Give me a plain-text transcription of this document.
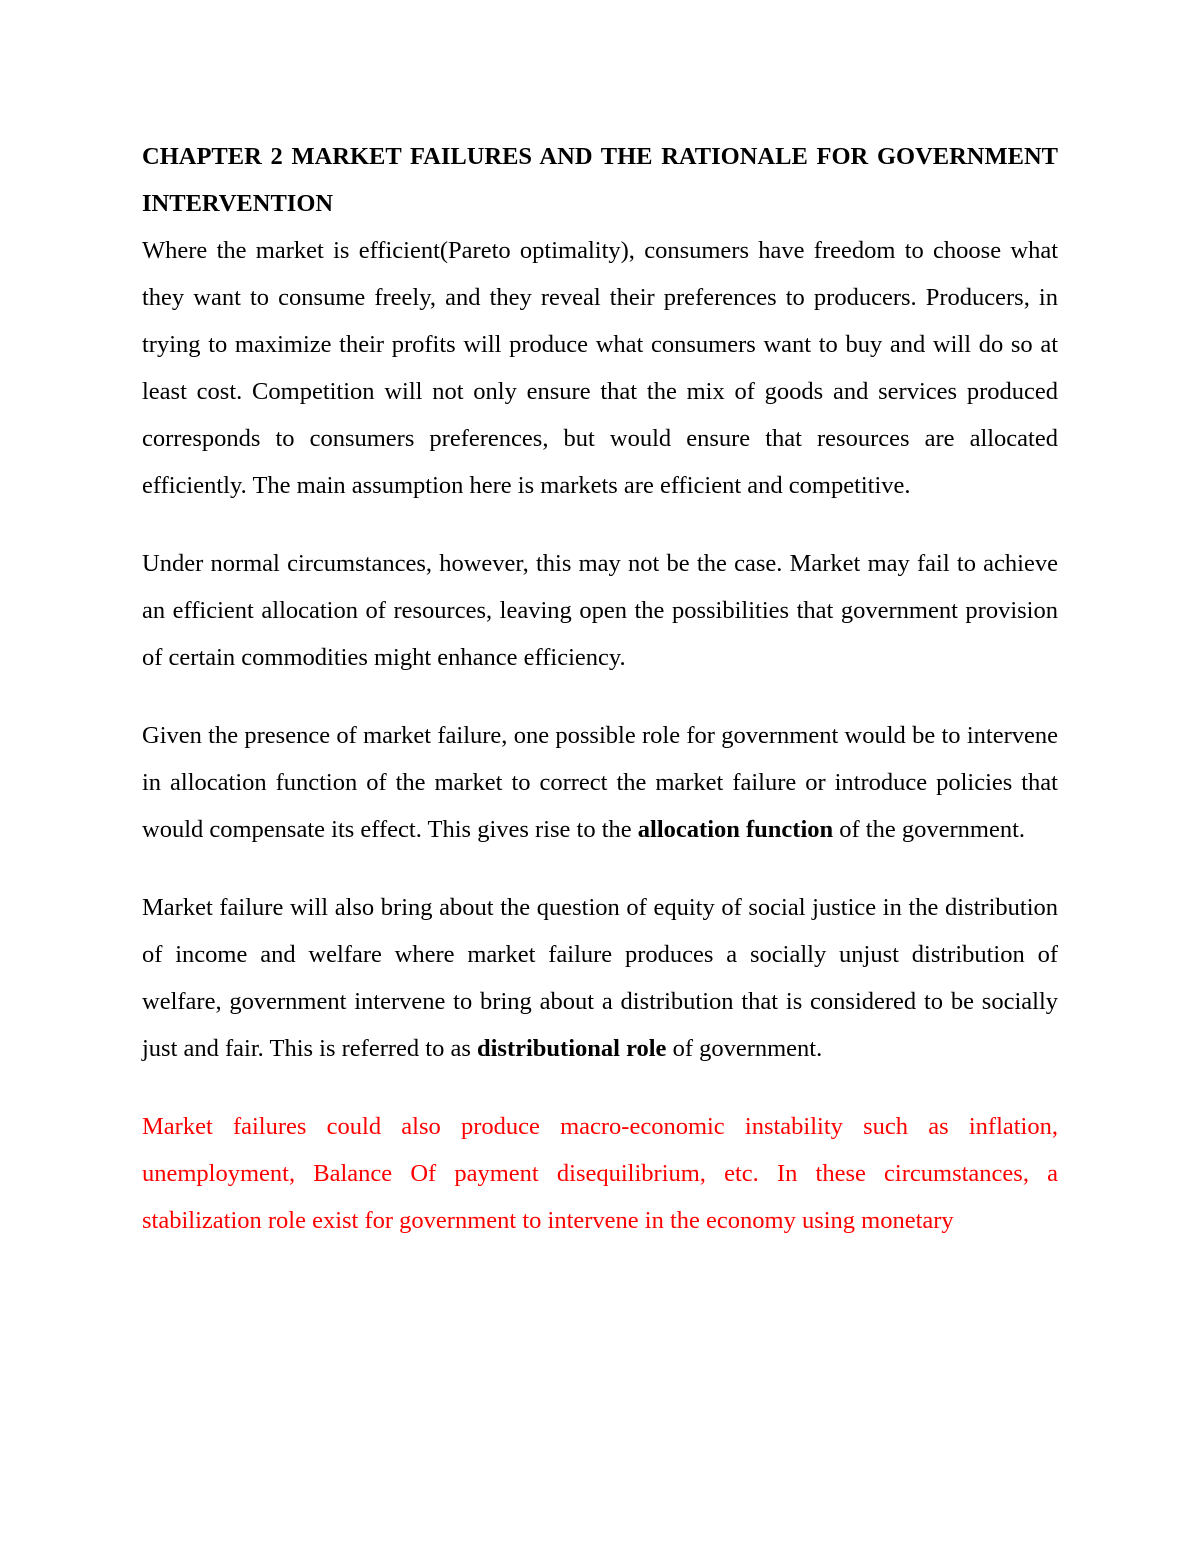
CHAPTER 2 MARKET FAILURES AND THE RATIONALE FOR GOVERNMENT INTERVENTION

Where the market is efficient(Pareto optimality), consumers have freedom to choose what they want to consume freely, and they reveal their preferences to producers. Producers, in trying to maximize their profits will produce what consumers want to buy and will do so at least cost. Competition will not only ensure that the mix of goods and services produced corresponds to consumers preferences, but would ensure that resources are allocated efficiently. The main assumption here is markets are efficient and competitive.

Under normal circumstances, however, this may not be the case. Market may fail to achieve an efficient allocation of resources, leaving open the possibilities that government provision of certain commodities might enhance efficiency.

Given the presence of market failure, one possible role for government would be to intervene in allocation function of the market to correct the market failure or introduce policies that would compensate its effect. This gives rise to the allocation function of the government.

Market failure will also bring about the question of equity of social justice in the distribution of income and welfare where market failure produces a socially unjust distribution of welfare, government intervene to bring about a distribution that is considered to be socially just and fair. This is referred to as distributional role of government.

Market failures could also produce macro-economic instability such as inflation, unemployment, Balance Of payment disequilibrium, etc. In these circumstances, a stabilization role exist for government to intervene in the economy using monetary
